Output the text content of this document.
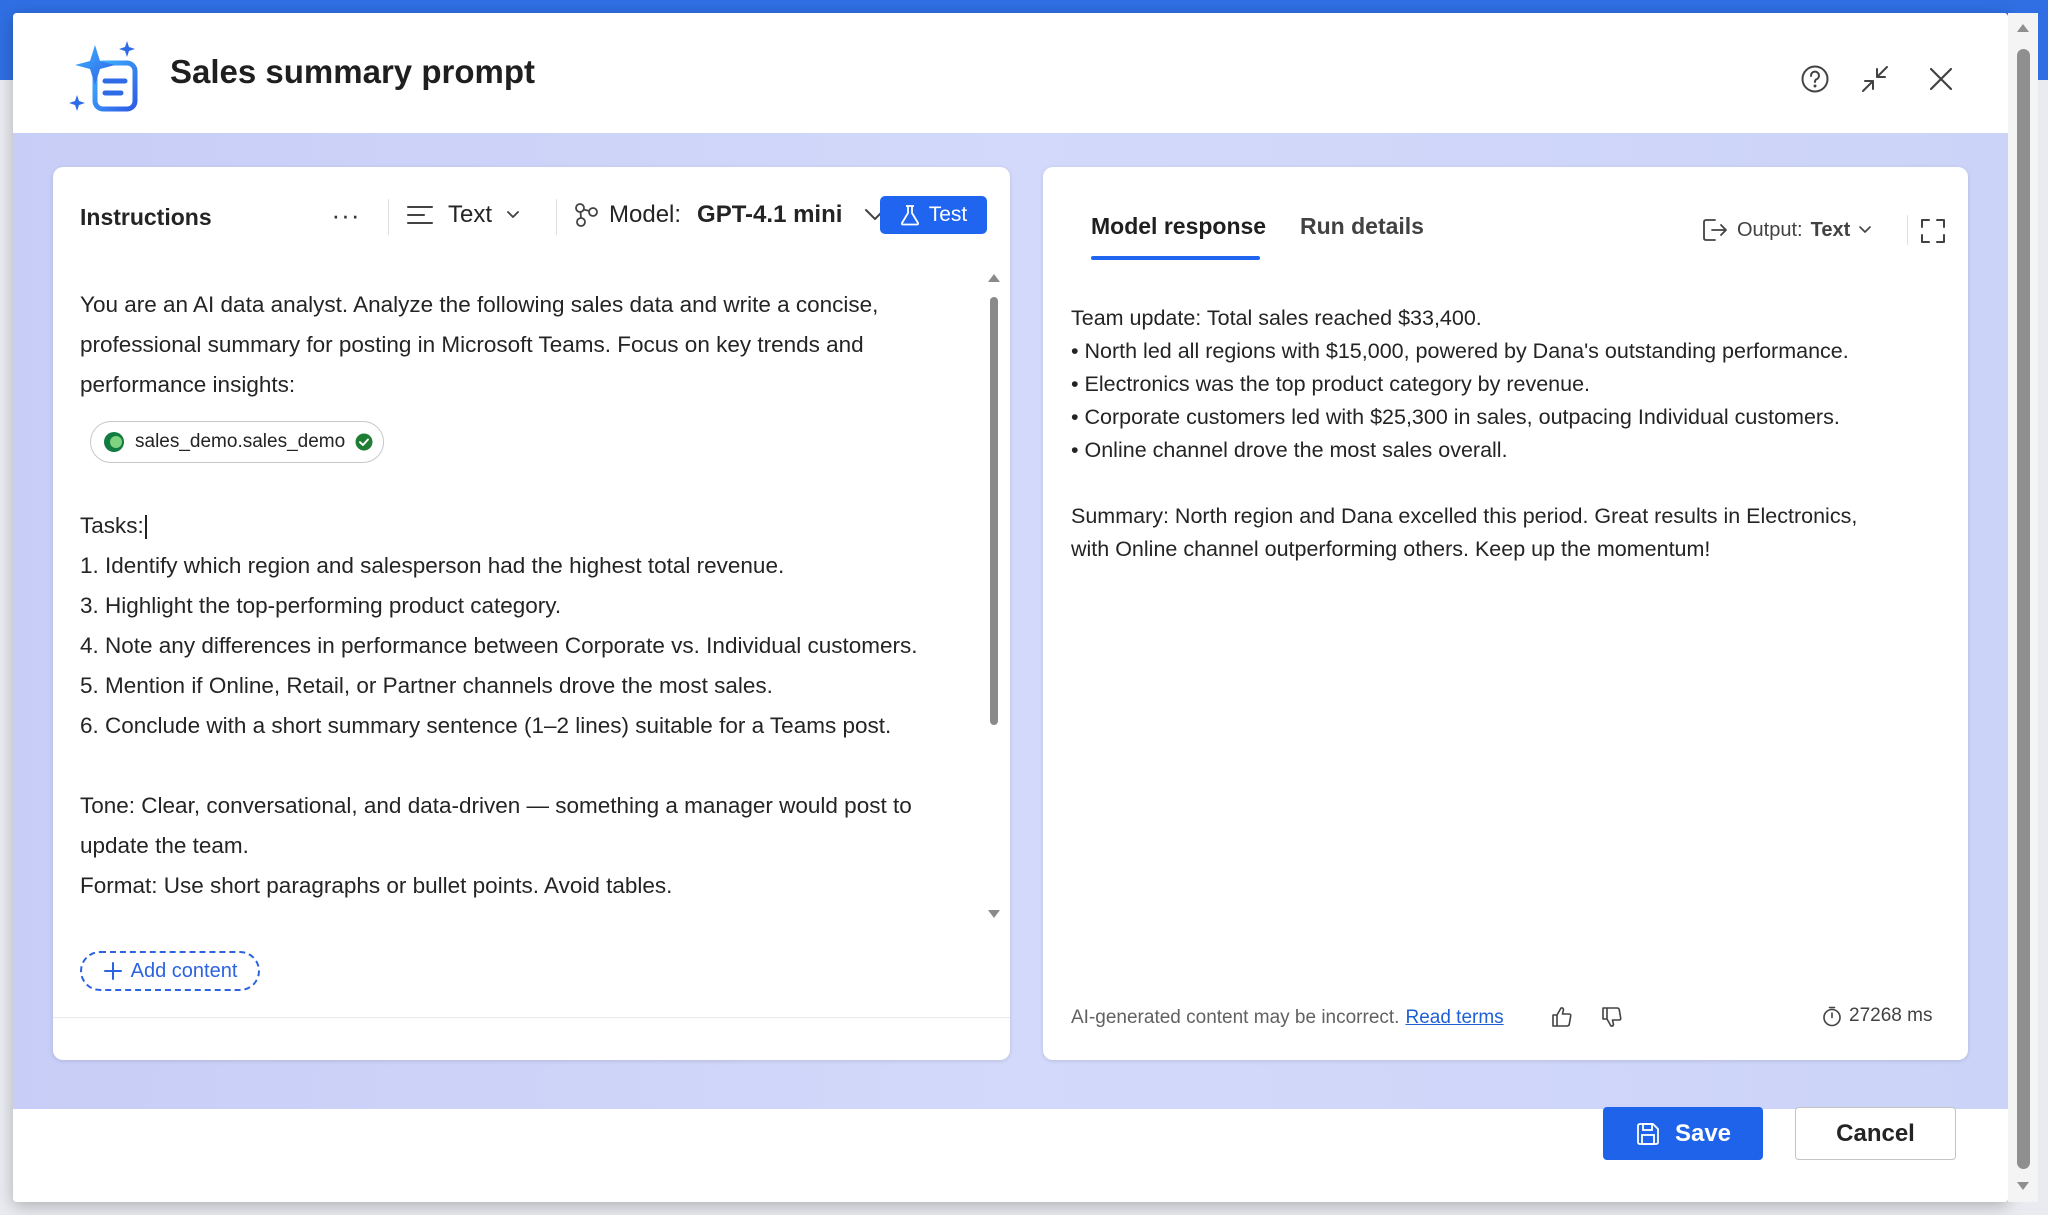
Sales summary prompt
Instructions	···	Text	Model: GPT-4.1 mini	Test

You are an AI data analyst. Analyze the following sales data and write a concise,

professional summary for posting in Microsoft Teams. Focus on key trends and

performance insights:

sales_demo.sales_demo

Tasks:

1. Identify which region and salesperson had the highest total revenue.

3. Highlight the top-performing product category.

4. Note any differences in performance between Corporate vs. Individual customers.

5. Mention if Online, Retail, or Partner channels drove the most sales.

6. Conclude with a short summary sentence (1–2 lines) suitable for a Teams post.

Tone: Clear, conversational, and data-driven — something a manager would post to

update the team.

Format: Use short paragraphs or bullet points. Avoid tables.

Add content
Model response Run details	Output: Text

Team update: Total sales reached $33,400.

• North led all regions with $15,000, powered by Dana's outstanding performance.

• Electronics was the top product category by revenue.

• Corporate customers led with $25,300 in sales, outpacing Individual customers.

• Online channel drove the most sales overall.

Summary: North region and Dana excelled this period. Great results in Electronics,

with Online channel outperforming others. Keep up the momentum!

AI-generated content may be incorrect. Read terms	27268 ms
Save	Cancel
